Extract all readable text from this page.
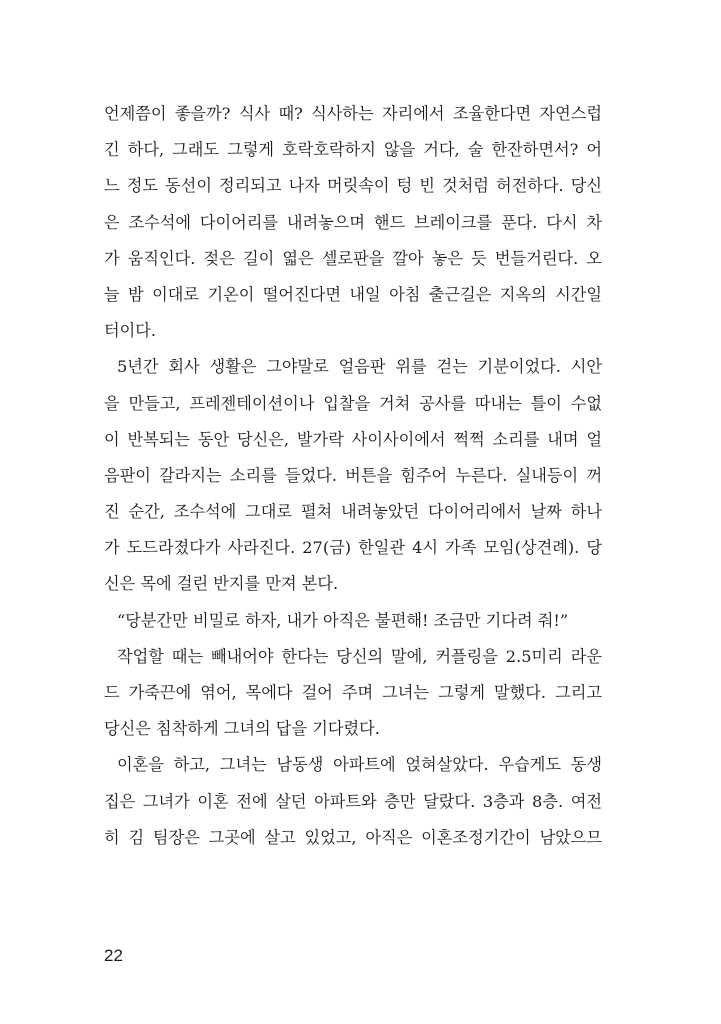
언제쯤이 좋을까? 식사 때? 식사하는 자리에서 조율한다면 자연스럽
긴 하다, 그래도 그렇게 호락호락하지 않을 거다, 술 한잔하면서? 어
느 정도 동선이 정리되고 나자 머릿속이 텅 빈 것처럼 허전하다. 당신
은 조수석에 다이어리를 내려놓으며 핸드 브레이크를 푼다. 다시 차
가 움직인다. 젖은 길이 엷은 셀로판을 깔아 놓은 듯 번들거린다. 오
늘 밤 이대로 기온이 떨어진다면 내일 아침 출근길은 지옥의 시간일
터이다.
5년간 회사 생활은 그야말로 얼음판 위를 걷는 기분이었다. 시안
을 만들고, 프레젠테이션이나 입찰을 거쳐 공사를 따내는 틀이 수없
이 반복되는 동안 당신은, 발가락 사이사이에서 쩍쩍 소리를 내며 얼
음판이 갈라지는 소리를 들었다. 버튼을 힘주어 누른다. 실내등이 꺼
진 순간, 조수석에 그대로 펼쳐 내려놓았던 다이어리에서 날짜 하나
가 도드라졌다가 사라진다. 27(금) 한일관 4시 가족 모임(상견례). 당
신은 목에 걸린 반지를 만져 본다.
“당분간만 비밀로 하자, 내가 아직은 불편해! 조금만 기다려 줘!”
작업할 때는 빼내어야 한다는 당신의 말에, 커플링을 2.5미리 라운
드 가죽끈에 엮어, 목에다 걸어 주며 그녀는 그렇게 말했다. 그리고
당신은 침착하게 그녀의 답을 기다렸다.
이혼을 하고, 그녀는 남동생 아파트에 얹혀살았다. 우습게도 동생
집은 그녀가 이혼 전에 살던 아파트와 층만 달랐다. 3층과 8층. 여전
히 김 팀장은 그곳에 살고 있었고, 아직은 이혼조정기간이 남았으므
22
